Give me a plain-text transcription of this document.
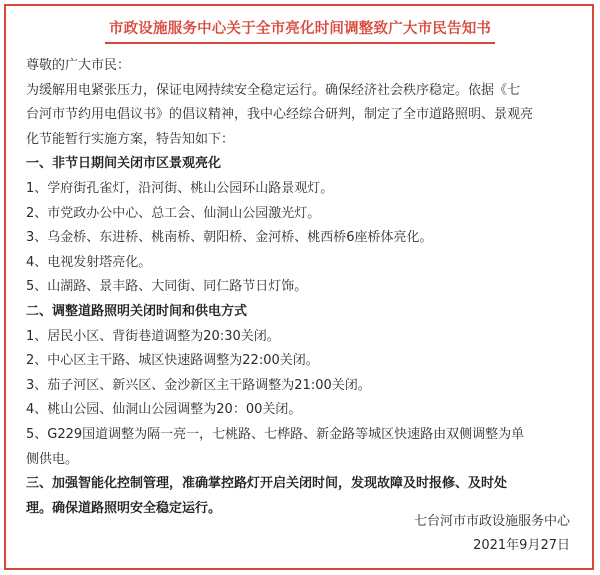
市政设施服务中心关于全市亮化时间调整致广大市民告知书

尊敬的广大市民：

为缓解用电紧张压力，保证电网持续安全稳定运行。确保经济社会秩序稳定。依据《七

台河市节约用电倡议书》的倡议精神，我中心经综合研判，制定了全市道路照明、景观亮

化节能暂行实施方案，特告知如下：

一、非节日期间关闭市区景观亮化

1、学府街孔雀灯，沿河街、桃山公园环山路景观灯。

2、市党政办公中心、总工会、仙洞山公园激光灯。

3、乌金桥、东进桥、桃南桥、朝阳桥、金河桥、桃西桥6座桥体亮化。

4、电视发射塔亮化。

5、山湖路、景丰路、大同街、同仁路节日灯饰。

二、调整道路照明关闭时间和供电方式

1、居民小区、背街巷道调整为20:30关闭。

2、中心区主干路、城区快速路调整为22:00关闭。

3、茄子河区、新兴区、金沙新区主干路调整为21:00关闭。

4、桃山公园、仙洞山公园调整为20：00关闭。

5、G229国道调整为隔一亮一，七桃路、七桦路、新金路等城区快速路由双侧调整为单

侧供电。

三、加强智能化控制管理，准确掌控路灯开启关闭时间，发现故障及时报修、及时处

理。确保道路照明安全稳定运行。

七台河市市政设施服务中心
2021年9月27日
